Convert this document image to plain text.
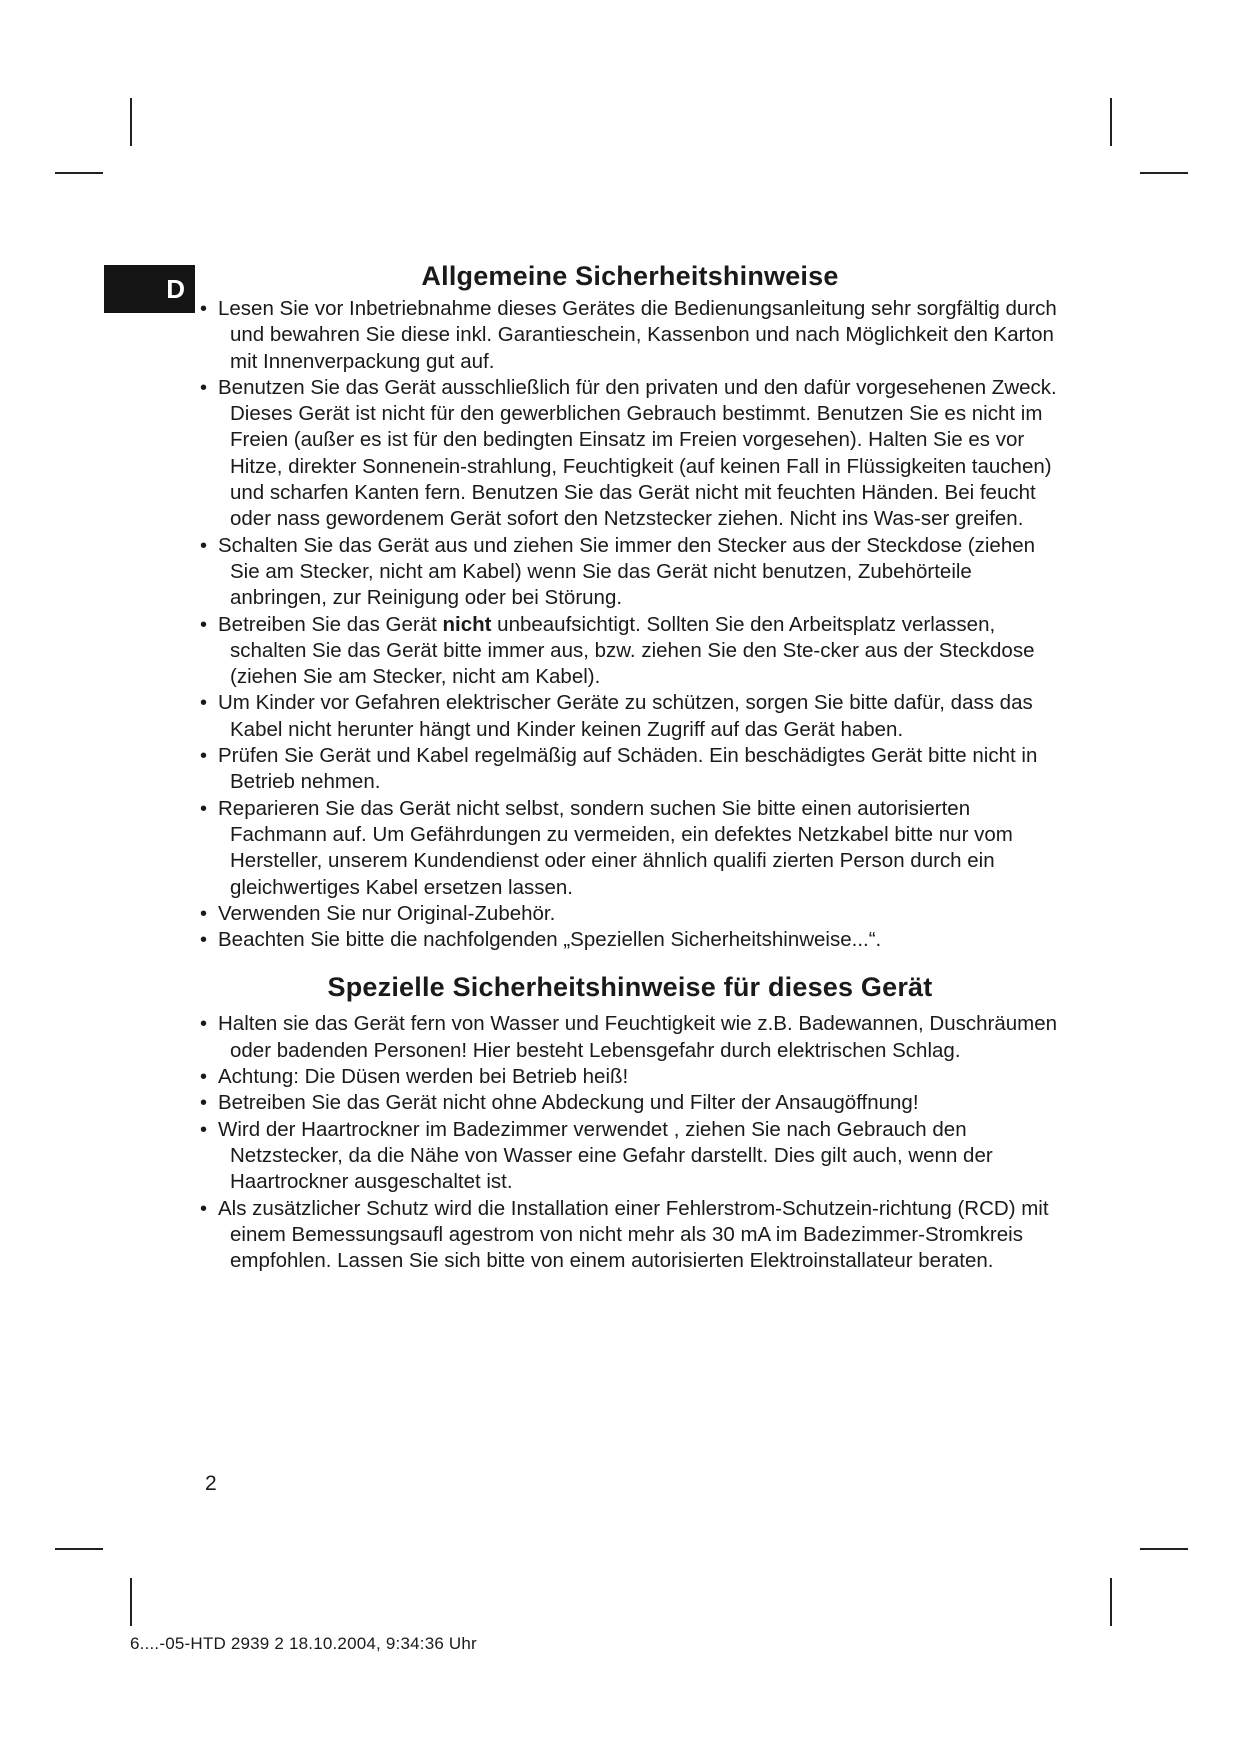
D	Allgemeine Sicherheitshinweise
• Lesen Sie vor Inbetriebnahme dieses Gerätes die Bedienungsanleitung sehr sorgfältig durch und bewahren Sie diese inkl. Garantieschein, Kassenbon und nach Möglichkeit den Karton mit Innenverpackung gut auf.
• Benutzen Sie das Gerät ausschließlich für den privaten und den dafür vorgesehenen Zweck. Dieses Gerät ist nicht für den gewerblichen Gebrauch bestimmt. Benutzen Sie es nicht im Freien (außer es ist für den bedingten Einsatz im Freien vorgesehen). Halten Sie es vor Hitze, direkter Sonnenein-strahlung, Feuchtigkeit (auf keinen Fall in Flüssigkeiten tauchen) und scharfen Kanten fern. Benutzen Sie das Gerät nicht mit feuchten Händen. Bei feucht oder nass gewordenem Gerät sofort den Netzstecker ziehen. Nicht ins Was-ser greifen.
• Schalten Sie das Gerät aus und ziehen Sie immer den Stecker aus der Steckdose (ziehen Sie am Stecker, nicht am Kabel) wenn Sie das Gerät nicht benutzen, Zubehörteile anbringen, zur Reinigung oder bei Störung.
• Betreiben Sie das Gerät nicht unbeaufsichtigt. Sollten Sie den Arbeitsplatz verlassen, schalten Sie das Gerät bitte immer aus, bzw. ziehen Sie den Ste-cker aus der Steckdose (ziehen Sie am Stecker, nicht am Kabel).
• Um Kinder vor Gefahren elektrischer Geräte zu schützen, sorgen Sie bitte dafür, dass das Kabel nicht herunter hängt und Kinder keinen Zugriff auf das Gerät haben.
• Prüfen Sie Gerät und Kabel regelmäßig auf Schäden. Ein beschädigtes Gerät bitte nicht in Betrieb nehmen.
• Reparieren Sie das Gerät nicht selbst, sondern suchen Sie bitte einen autorisierten Fachmann auf. Um Gefährdungen zu vermeiden, ein defektes Netzkabel bitte nur vom Hersteller, unserem Kundendienst oder einer ähnlich qualifi zierten Person durch ein gleichwertiges Kabel ersetzen lassen.
• Verwenden Sie nur Original-Zubehör.
• Beachten Sie bitte die nachfolgenden „Speziellen Sicherheitshinweise...“.
Spezielle Sicherheitshinweise für dieses Gerät
• Halten sie das Gerät fern von Wasser und Feuchtigkeit wie z.B. Badewannen, Duschräumen oder badenden Personen! Hier besteht Lebensgefahr durch elektrischen Schlag.
• Achtung: Die Düsen werden bei Betrieb heiß!
• Betreiben Sie das Gerät nicht ohne Abdeckung und Filter der Ansaugöffnung!
• Wird der Haartrockner im Badezimmer verwendet , ziehen Sie nach Gebrauch den Netzstecker, da die Nähe von Wasser eine Gefahr darstellt. Dies gilt auch, wenn der Haartrockner ausgeschaltet ist.
• Als zusätzlicher Schutz wird die Installation einer Fehlerstrom-Schutzein-richtung (RCD) mit einem Bemessungsaufl agestrom von nicht mehr als 30 mA im Badezimmer-Stromkreis empfohlen. Lassen Sie sich bitte von einem autorisierten Elektroinstallateur beraten.
2
6....-05-HTD 2939 2 18.10.2004, 9:34:36 Uhr
